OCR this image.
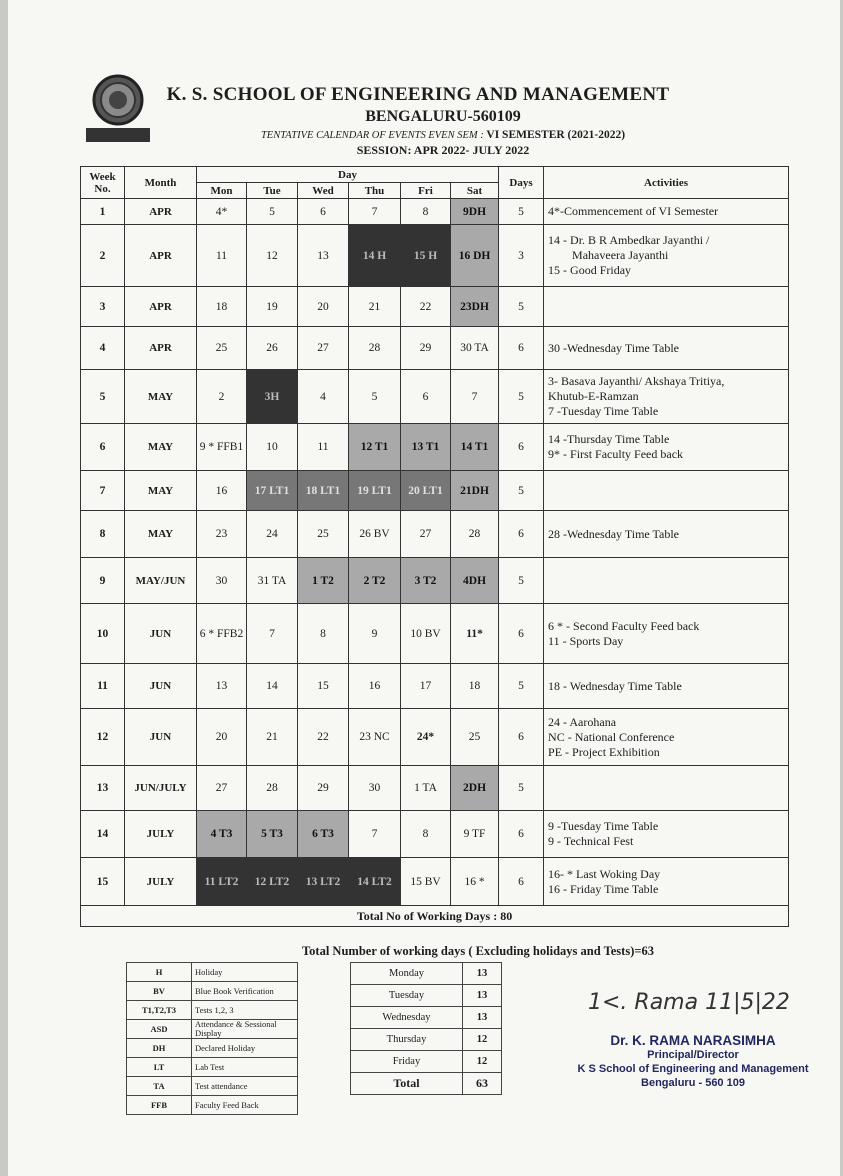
K. S. SCHOOL OF ENGINEERING AND MANAGEMENT
BENGALURU-560109
TENTATIVE CALENDAR OF EVENTS EVEN SEM : VI SEMESTER (2021-2022)
SESSION: APR 2022- JULY 2022
Week No.	Month	Day						Days	Activities
		Mon	Tue	Wed	Thu	Fri	Sat		
1	APR	4*	5	6	7	8	9DH	5	4*-Commencement of VI Semester

2	APR	11	12	13	14 H	15 H	16 DH	3	14 - Dr. B R Ambedkar Jayanthi /
Mahaveera Jayanthi
15 - Good Friday

3	APR	18	19	20	21	22	23DH	5	
4	APR	25	26	27	28	29	30 TA	6	30 -Wednesday Time Table

5	MAY	2	3H	4	5	6	7	5	3- Basava Jayanthi/ Akshaya Tritiya,
Khutub-E-Ramzan
7 -Tuesday Time Table

6	MAY	9 * FFB1	10	11	12 T1	13 T1	14 T1	6	14 -Thursday Time Table
9* - First Faculty Feed back

7	MAY	16	17 LT1	18 LT1	19 LT1	20 LT1	21DH	5	
8	MAY	23	24	25	26 BV	27	28	6	28 -Wednesday Time Table

9	MAY/JUN	30	31 TA	1 T2	2 T2	3 T2	4DH	5	
10	JUN	6 * FFB2	7	8	9	10 BV	11*	6	6 * - Second Faculty Feed back
11 - Sports Day

11	JUN	13	14	15	16	17	18	5	18 - Wednesday Time Table

12	JUN	20	21	22	23 NC	24*	25	6	24 - Aarohana
NC - National Conference
PE - Project Exhibition

13	JUN/JULY	27	28	29	30	1 TA	2DH	5	
14	JULY	4 T3	5 T3	6 T3	7	8	9 TF	6	9 -Tuesday Time Table
9 - Technical Fest

15	JULY	11 LT2	12 LT2	13 LT2	14 LT2	15 BV	16 *	6	16- * Last Woking Day
16 - Friday Time Table

Total No of Working Days : 80									
Total Number of working days ( Excluding holidays and Tests)=63
H	Holiday
BV	Blue Book Verification
T1,T2,T3	Tests 1,2, 3
ASD	Attendance & Sessional Display
DH	Declared Holiday
LT	Lab Test
TA	Test attendance
FFB	Faculty Feed Back
Monday	13
Tuesday	13
Wednesday	13
Thursday	12
Friday	12
Total	63
1<. Rama 11|5|22
Dr. K. RAMA NARASIMHA
Principal/Director
K S School of Engineering and Management
Bengaluru - 560 109
